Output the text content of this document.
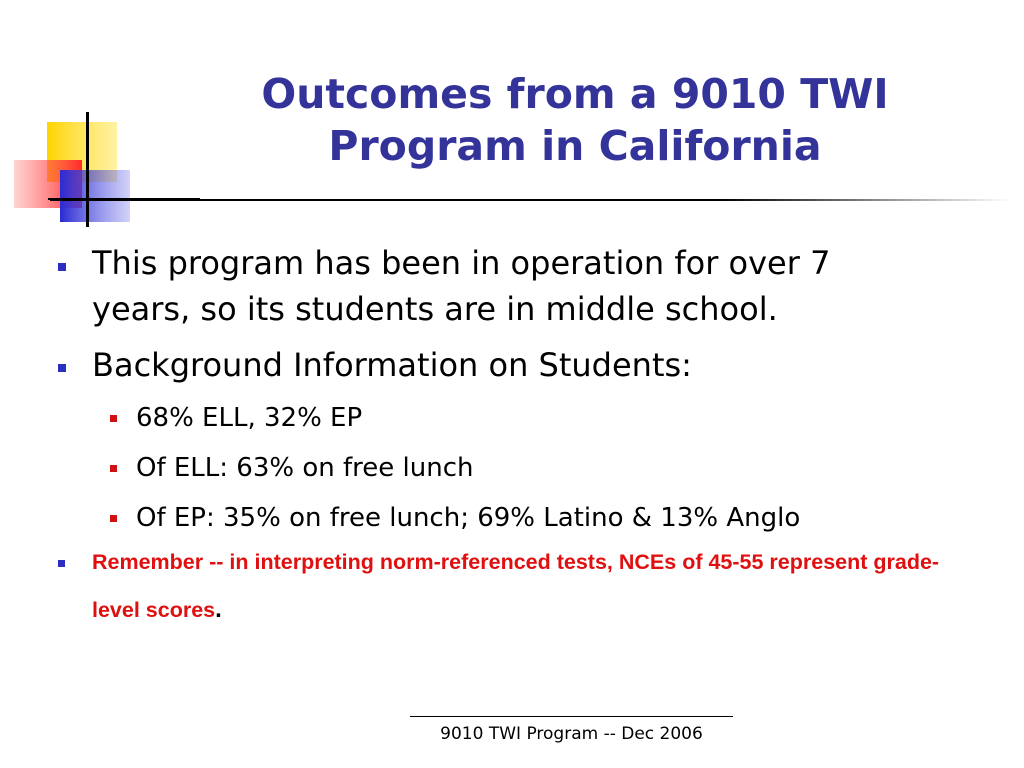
Outcomes from a 9010 TWI
Program in California
This program has been in operation for over 7
years, so its students are in middle school.
Background Information on Students:
68% ELL, 32% EP
Of ELL: 63% on free lunch
Of EP: 35% on free lunch; 69% Latino & 13% Anglo
Remember -- in interpreting norm-referenced tests, NCEs of 45-55 represent grade-level scores.
9010 TWI Program -- Dec 2006
